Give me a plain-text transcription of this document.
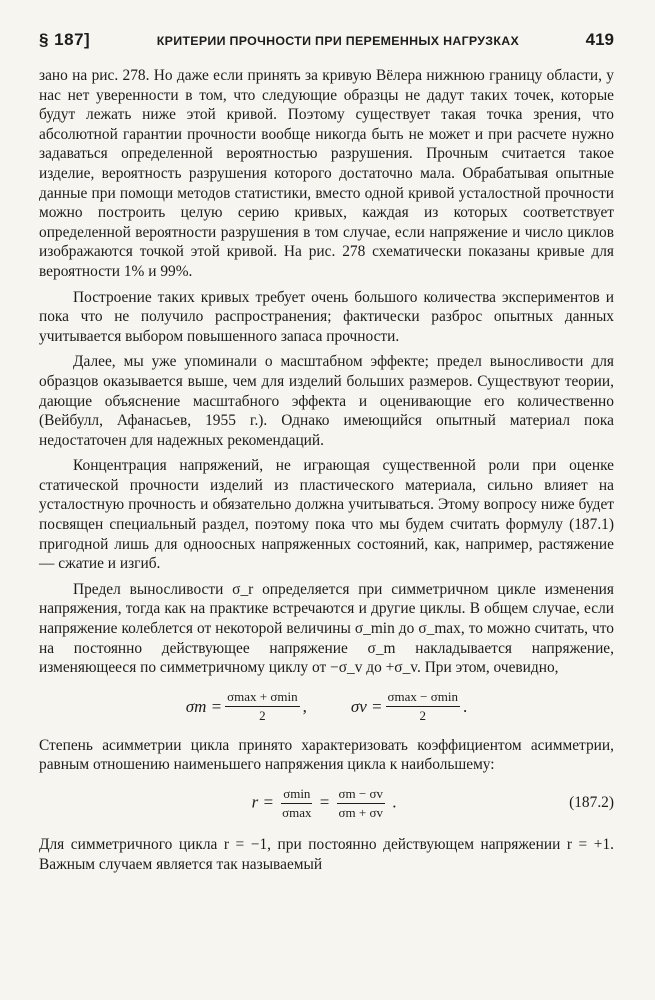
§ 187]	КРИТЕРИИ ПРОЧНОСТИ ПРИ ПЕРЕМЕННЫХ НАГРУЗКАХ	419

зано на рис. 278. Но даже если принять за кривую Вёлера нижнюю границу области, у нас нет уверенности в том, что следующие образцы не дадут таких точек, которые будут лежать ниже этой кривой. Поэтому существует такая точка зрения, что абсолютной гарантии прочности вообще никогда быть не может и при расчете нужно задаваться определенной вероятностью разрушения. Прочным считается такое изделие, вероятность разрушения которого достаточно мала. Обрабатывая опытные данные при помощи методов статистики, вместо одной кривой усталостной прочности можно построить целую серию кривых, каждая из которых соответствует определенной вероятности разрушения в том случае, если напряжение и число циклов изображаются точкой этой кривой. На рис. 278 схематически показаны кривые для вероятности 1% и 99%.

Построение таких кривых требует очень большого количества экспериментов и пока что не получило распространения; фактически разброс опытных данных учитывается выбором повышенного запаса прочности.

Далее, мы уже упоминали о масштабном эффекте; предел выносливости для образцов оказывается выше, чем для изделий больших размеров. Существуют теории, дающие объяснение масштабного эффекта и оценивающие его количественно (Вейбулл, Афанасьев, 1955 г.). Однако имеющийся опытный материал пока недостаточен для надежных рекомендаций.

Концентрация напряжений, не играющая существенной роли при оценке статической прочности изделий из пластического материала, сильно влияет на усталостную прочность и обязательно должна учитываться. Этому вопросу ниже будет посвящен специальный раздел, поэтому пока что мы будем считать формулу (187.1) пригодной лишь для одноосных напряженных состояний, как, например, растяжение — сжатие и изгиб.

Предел выносливости σ_r определяется при симметричном цикле изменения напряжения, тогда как на практике встречаются и другие циклы. В общем случае, если напряжение колеблется от некоторой величины σ_min до σ_max, то можно считать, что на постоянно действующее напряжение σ_m накладывается напряжение, изменяющееся по симметричному циклу от −σ_v до +σ_v. При этом, очевидно,

$\sigma m = \frac{\sigma\max + \sigma\min}{2}$ ,	$\sigma v = \frac{\sigma\max - \sigma\min}{2}$ .

Степень асимметрии цикла принято характеризовать коэффициентом асимметрии, равным отношению наименьшего напряжения цикла к наибольшему:

$r = \frac{\sigma\min}{\sigma\max} = \frac{\sigma m - \sigma v}{\sigma m + \sigma v}$ .	(187.2)

Для симметричного цикла r = −1, при постоянно действующем напряжении r = +1. Важным случаем является так называемый
